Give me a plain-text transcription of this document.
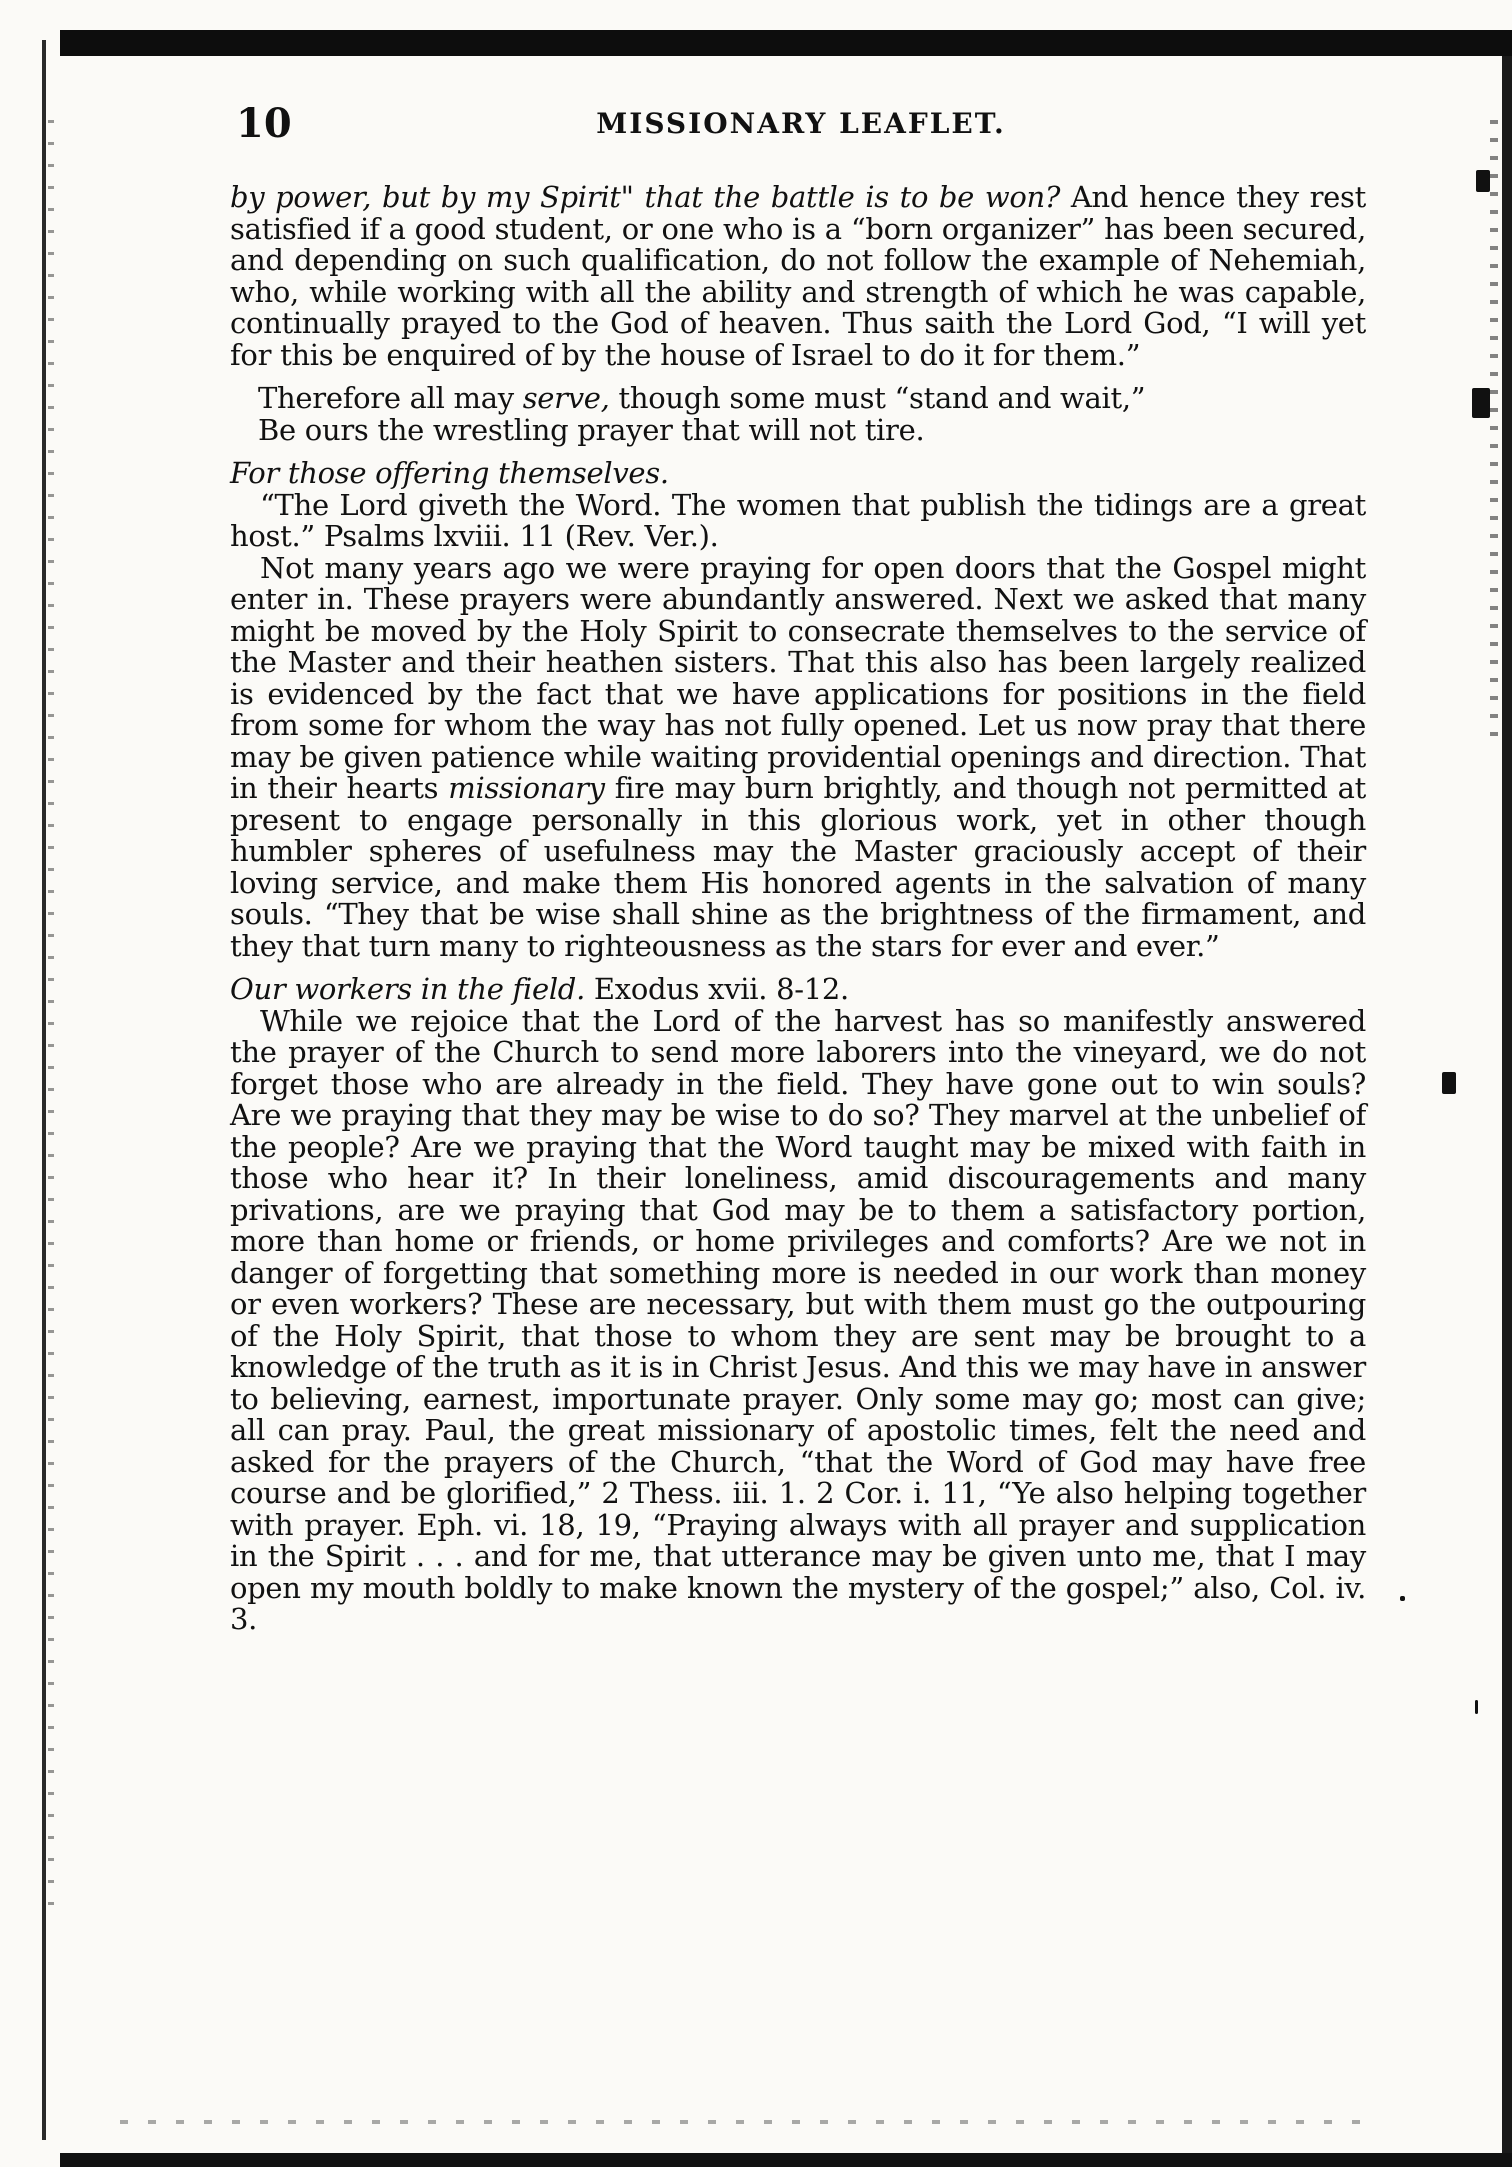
10	MISSIONARY LEAFLET.

by power, but by my Spirit" that the battle is to be won? And hence they rest satisfied if a good student, or one who is a “born organizer” has been secured, and depending on such qualification, do not follow the example of Nehemiah, who, while working with all the ability and strength of which he was capable, continually prayed to the God of heaven. Thus saith the Lord God, “I will yet for this be enquired of by the house of Israel to do it for them.”

Therefore all may serve, though some must “stand and wait,”
Be ours the wrestling prayer that will not tire.

For those offering themselves.

“The Lord giveth the Word. The women that publish the tidings are a great host.” Psalms lxviii. 11 (Rev. Ver.).

Not many years ago we were praying for open doors that the Gospel might enter in. These prayers were abundantly answered. Next we asked that many might be moved by the Holy Spirit to consecrate themselves to the service of the Master and their heathen sisters. That this also has been largely realized is evidenced by the fact that we have applications for positions in the field from some for whom the way has not fully opened. Let us now pray that there may be given patience while waiting providential openings and direction. That in their hearts missionary fire may burn brightly, and though not permitted at present to engage personally in this glorious work, yet in other though humbler spheres of usefulness may the Master graciously accept of their loving service, and make them His honored agents in the salvation of many souls. “They that be wise shall shine as the brightness of the firmament, and they that turn many to righteousness as the stars for ever and ever.”

Our workers in the field. Exodus xvii. 8-12.

While we rejoice that the Lord of the harvest has so manifestly answered the prayer of the Church to send more laborers into the vineyard, we do not forget those who are already in the field. They have gone out to win souls? Are we praying that they may be wise to do so? They marvel at the unbelief of the people? Are we praying that the Word taught may be mixed with faith in those who hear it? In their loneliness, amid discouragements and many privations, are we praying that God may be to them a satisfactory portion, more than home or friends, or home privileges and comforts? Are we not in danger of forgetting that something more is needed in our work than money or even workers? These are necessary, but with them must go the outpouring of the Holy Spirit, that those to whom they are sent may be brought to a knowledge of the truth as it is in Christ Jesus. And this we may have in answer to believing, earnest, importunate prayer. Only some may go; most can give; all can pray. Paul, the great missionary of apostolic times, felt the need and asked for the prayers of the Church, “that the Word of God may have free course and be glorified,” 2 Thess. iii. 1. 2 Cor. i. 11, “Ye also helping together with prayer. Eph. vi. 18, 19, “Praying always with all prayer and supplication in the Spirit . . . and for me, that utterance may be given unto me, that I may open my mouth boldly to make known the mystery of the gospel;” also, Col. iv. 3.
